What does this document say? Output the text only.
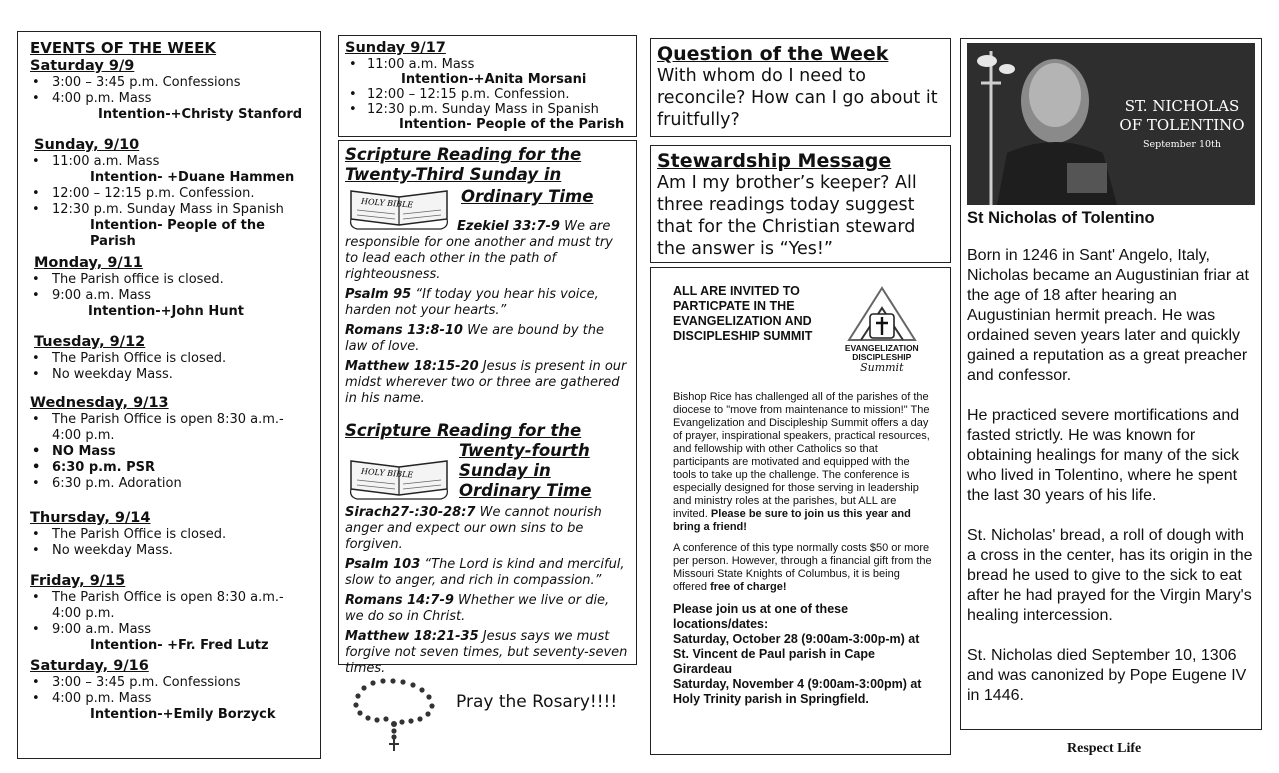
EVENTS OF THE WEEK
Saturday 9/9
• 3:00 – 3:45 p.m. Confessions
• 4:00 p.m. Mass
Intention-+Christy Stanford
Sunday, 9/10
• 11:00 a.m. Mass
Intention- +Duane Hammen
• 12:00 – 12:15 p.m. Confession.
• 12:30 p.m. Sunday Mass in Spanish
Intention- People of the Parish
Monday, 9/11
• The Parish office is closed.
• 9:00 a.m. Mass
Intention-+John Hunt
Tuesday, 9/12
• The Parish Office is closed.
• No weekday Mass.
Wednesday, 9/13
• The Parish Office is open 8:30 a.m.- 4:00 p.m.
• NO Mass
• 6:30 p.m. PSR
• 6:30 p.m. Adoration
Thursday, 9/14
• The Parish Office is closed.
• No weekday Mass.
Friday, 9/15
• The Parish Office is open 8:30 a.m.- 4:00 p.m.
• 9:00 a.m. Mass
Intention- +Fr. Fred Lutz
Saturday, 9/16
• 3:00 – 3:45 p.m. Confessions
• 4:00 p.m. Mass
Intention-+Emily Borzyck
Sunday 9/17
• 11:00 a.m. Mass
Intention-+Anita Morsani
• 12:00 – 12:15 p.m. Confession.
• 12:30 p.m. Sunday Mass in Spanish
Intention- People of the Parish
Scripture Reading for the
Twenty-Third Sunday in
HOLY BIBLE	Ordinary Time

Ezekiel 33:7-9 We are responsible for one another and must try to lead each other in the path of righteousness.

Psalm 95 “If today you hear his voice, harden not your hearts.”

Romans 13:8-10 We are bound by the law of love.

Matthew 18:15-20 Jesus is present in our midst wherever two or three are gathered in his name.

Scripture Reading for the
HOLY BIBLE
Twenty-fourth
Sunday in
Ordinary Time

Sirach27-:30-28:7 We cannot nourish anger and expect our own sins to be forgiven.

Psalm 103 “The Lord is kind and merciful, slow to anger, and rich in compassion.”

Romans 14:7-9 Whether we live or die, we do so in Christ.

Matthew 18:21-35 Jesus says we must forgive not seven times, but seventy-seven times.

Pray the Rosary!!!!
Question of the Week
With whom do I need to reconcile? How can I go about it fruitfully?
Stewardship Message
Am I my brother’s keeper? All three readings today suggest that for the Christian steward the answer is “Yes!”
ALL ARE INVITED TO PARTICPATE IN THE EVANGELIZATION AND DISCIPLESHIP SUMMIT
EVANGELIZATION
DISCIPLESHIP
Summit

Bishop Rice has challenged all of the parishes of the diocese to "move from maintenance to mission!" The Evangelization and Discipleship Summit offers a day of prayer, inspirational speakers, practical resources, and fellowship with other Catholics so that participants are motivated and equipped with the tools to take up the challenge. The conference is especially designed for those serving in leadership and ministry roles at the parishes, but ALL are invited. Please be sure to join us this year and bring a friend!

A conference of this type normally costs $50 or more per person. However, through a financial gift from the Missouri State Knights of Columbus, it is being offered free of charge!

Please join us at one of these locations/dates:
Saturday, October 28 (9:00am-3:00p-m) at St. Vincent de Paul parish in Cape Girardeau
Saturday, November 4 (9:00am-3:00pm) at Holy Trinity parish in Springfield.
ST. NICHOLAS
OF TOLENTINO
September 10th
St Nicholas of Tolentino

Born in 1246 in Sant' Angelo, Italy, Nicholas became an Augustinian friar at the age of 18 after hearing an Augustinian hermit preach. He was ordained seven years later and quickly gained a reputation as a great preacher and confessor.

He practiced severe mortifications and fasted strictly. He was known for obtaining healings for many of the sick who lived in Tolentino, where he spent the last 30 years of his life.

St. Nicholas' bread, a roll of dough with a cross in the center, has its origin in the bread he used to give to the sick to eat after he had prayed for the Virgin Mary's healing intercession.

St. Nicholas died September 10, 1306 and was canonized by Pope Eugene IV in 1446.

Respect Life
